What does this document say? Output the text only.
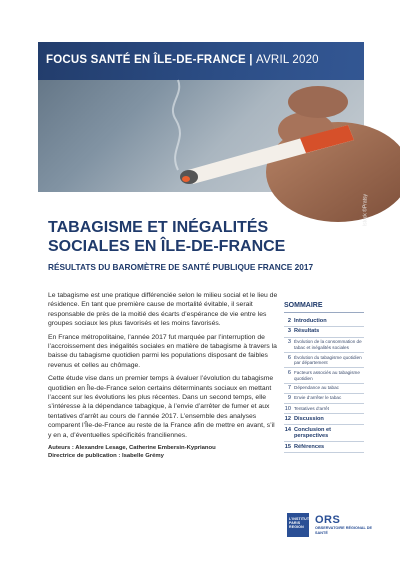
FOCUS SANTÉ EN ÎLE-DE-FRANCE | AVRIL 2020
Istock ©Pratsy
TABAGISME ET INÉGALITÉS SOCIALES EN ÎLE-DE-FRANCE
RÉSULTATS DU BAROMÈTRE DE SANTÉ PUBLIQUE FRANCE 2017

Le tabagisme est une pratique différenciée selon le milieu social et le lieu de résidence. En tant que première cause de mortalité évitable, il serait responsable de près de la moitié des écarts d’espérance de vie entre les groupes sociaux les plus favorisés et les moins favorisés.

En France métropolitaine, l’année 2017 fut marquée par l’interruption de l’accroissement des inégalités sociales en matière de tabagisme à travers la baisse du tabagisme quotidien parmi les populations disposant de faibles revenus et celles au chômage.

Cette étude vise dans un premier temps à évaluer l’évolution du tabagisme quotidien en Île-de-France selon certains déterminants sociaux en mettant l’accent sur les évolutions les plus récentes. Dans un second temps, elle s’intéresse à la dépendance tabagique, à l’envie d’arrêter de fumer et aux tentatives d’arrêt au cours de l’année 2017. L’ensemble des analyses comparent l’Île-de-France au reste de la France afin de mettre en avant, s’il y en a, d’éventuelles spécificités franciliennes.

Auteurs : Alexandre Lesage, Catherine Embersin-Kyprianou

Directrice de publication : Isabelle Grémy

SOMMAIRE
2 Introduction
3 Résultats
3 Évolution de la consommation de tabac et inégalités sociales
6 Évolution du tabagisme quotidien par département
6 Facteurs associés au tabagisme quotidien
7 Dépendance au tabac
9 Envie d’arrêter le tabac
10 Tentatives d’arrêt
12 Discussion
14 Conclusion et perspectives
15 Références
L’INSTITUT PARIS REGION
ORS
OBSERVATOIRE RÉGIONAL DE SANTÉ
